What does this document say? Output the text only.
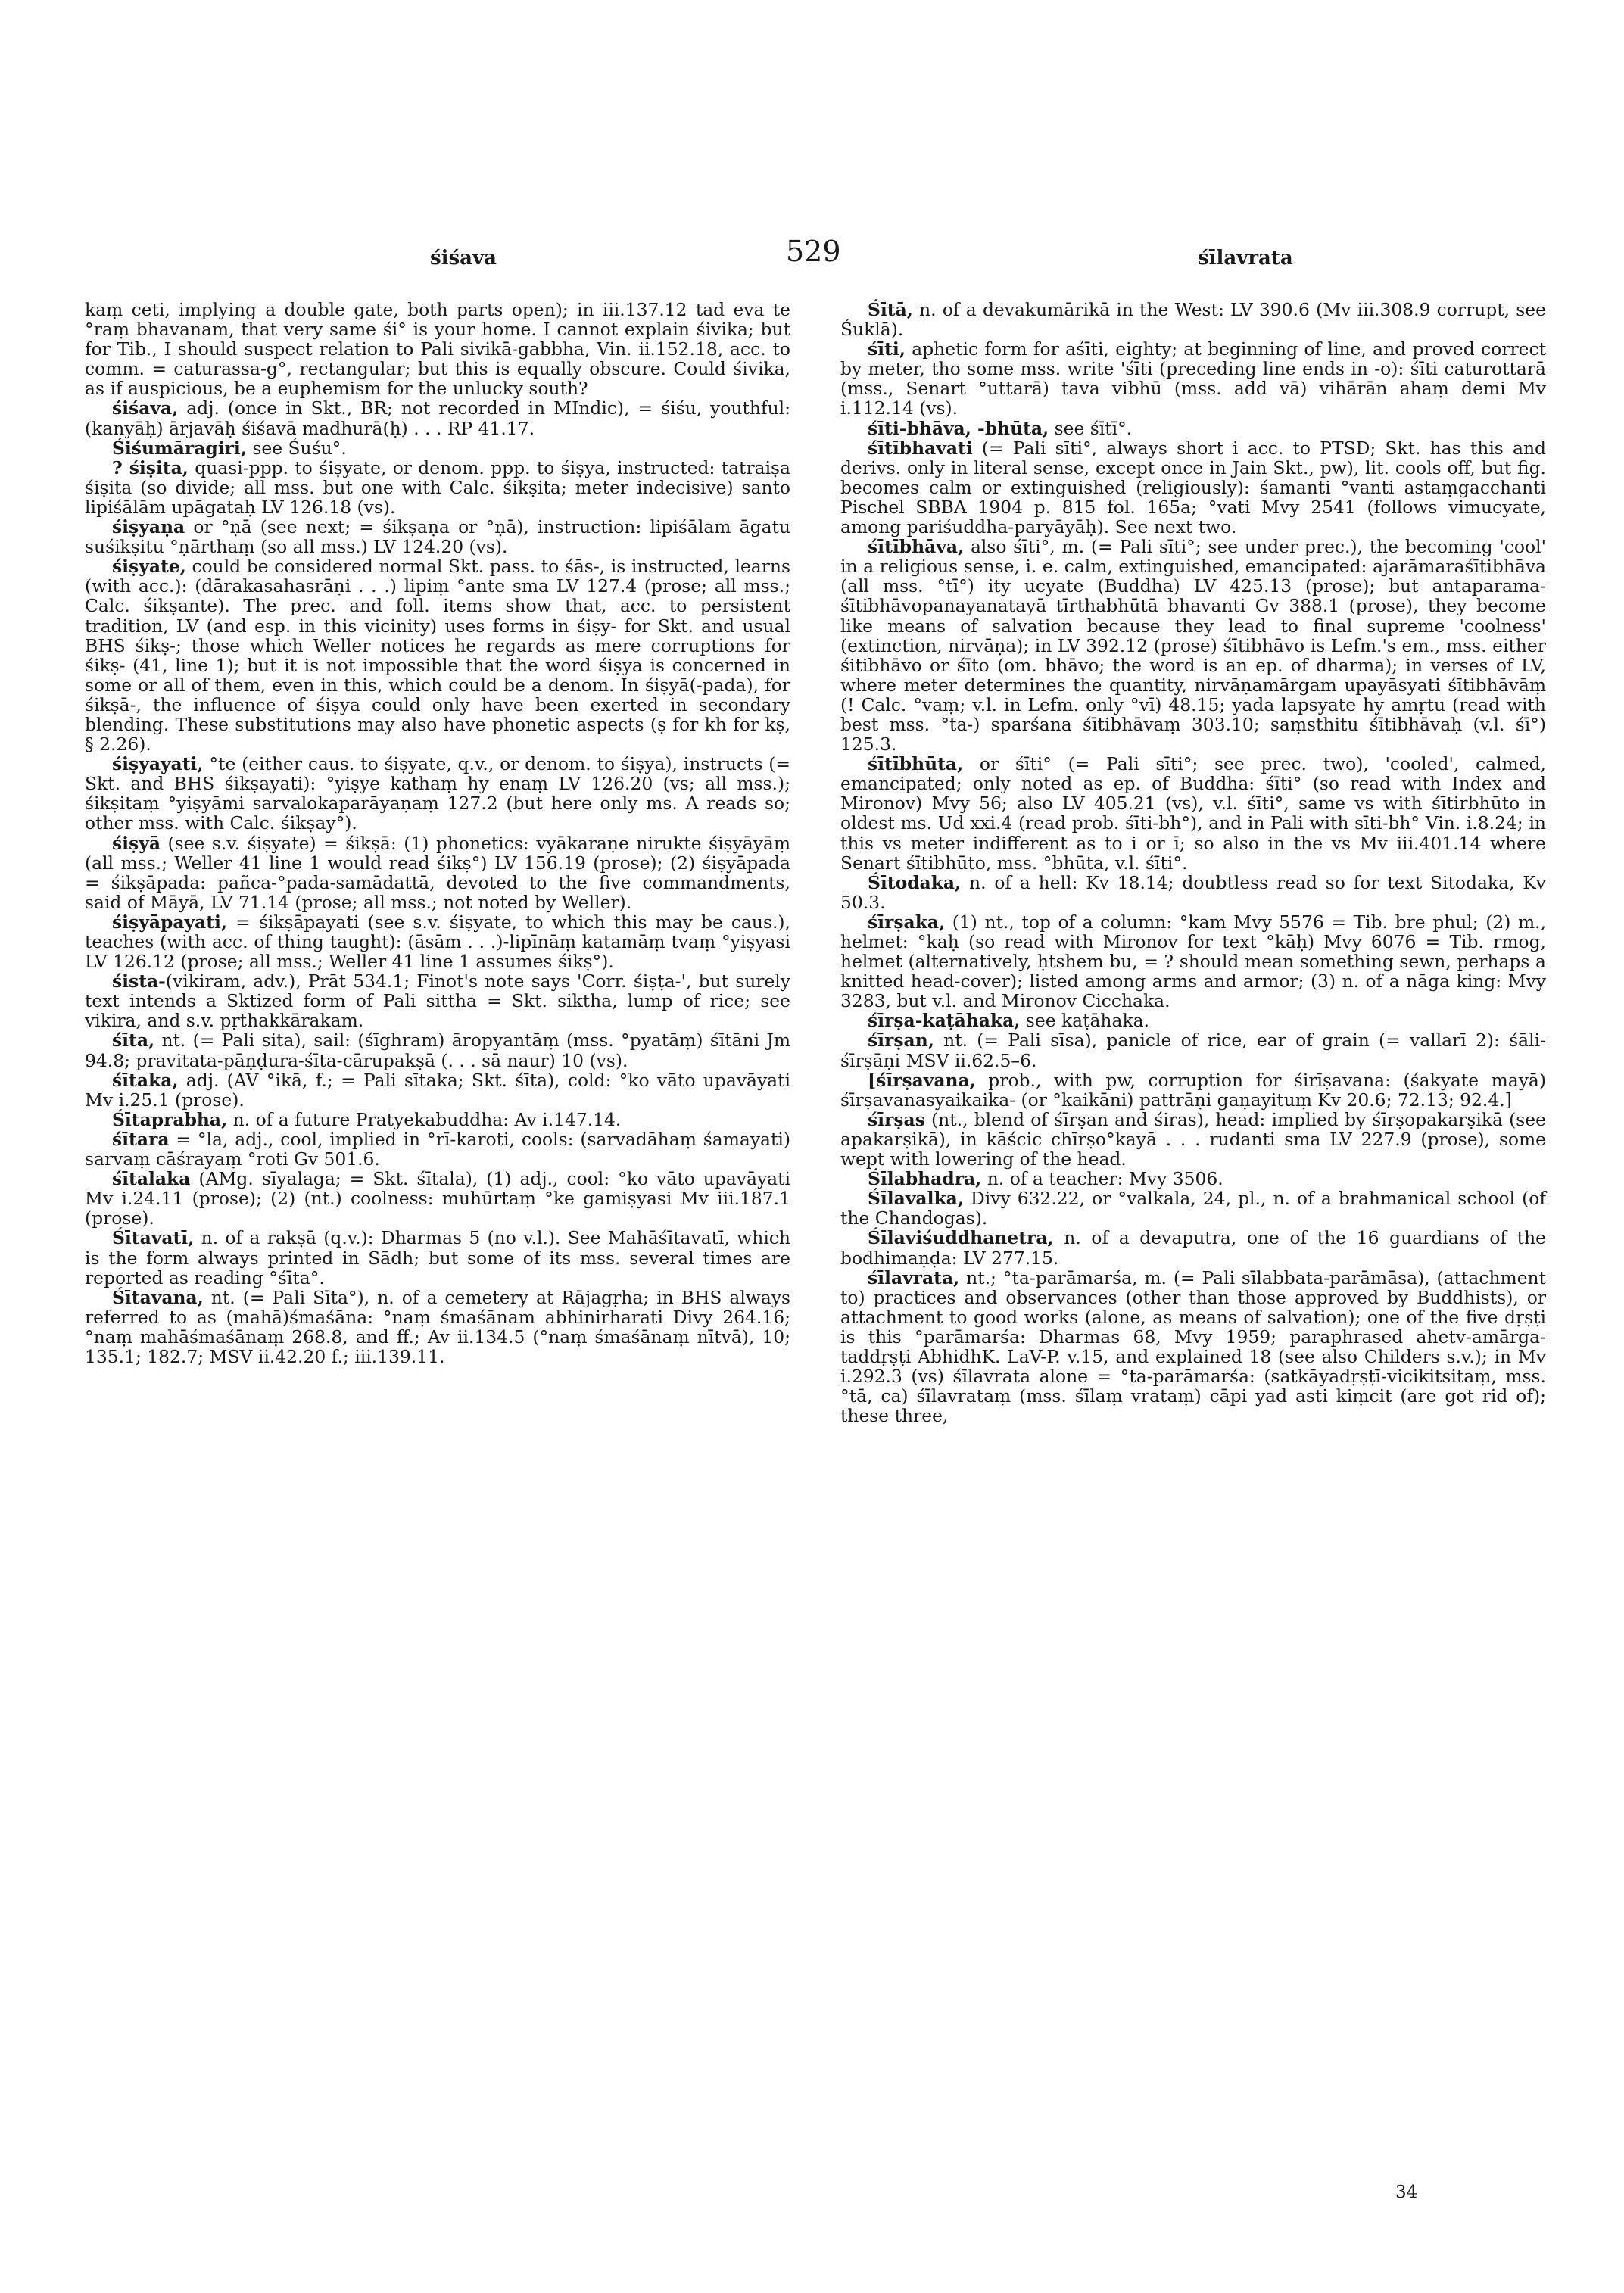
śiśava	529	śīlavrata

kaṃ ceti, implying a double gate, both parts open); in iii.137.12 tad eva te °raṃ bhavanam, that very same śi° is your home. I cannot explain śivika; but for Tib., I should suspect relation to Pali sivikā-gabbha, Vin. ii.152.18, acc. to comm. = caturassa-g°, rectangular; but this is equally obscure. Could śivika, as if auspicious, be a euphemism for the unlucky south?

śiśava, adj. (once in Skt., BR; not recorded in MIndic), = śiśu, youthful: (kanyāḥ) ārjavāḥ śiśavā madhurā(ḥ) . . . RP 41.17.

Śiśumāragiri, see Śuśu°.

? śiṣita, quasi-ppp. to śiṣyate, or denom. ppp. to śiṣya, instructed: tatraiṣa śiṣita (so divide; all mss. but one with Calc. śikṣita; meter indecisive) santo lipiśālām upāgataḥ LV 126.18 (vs).

śiṣyaṇa or °ṇā (see next; = śikṣaṇa or °ṇā), instruction: lipiśālam āgatu suśikṣitu °ṇārthaṃ (so all mss.) LV 124.20 (vs).

śiṣyate, could be considered normal Skt. pass. to śās-, is instructed, learns (with acc.): (dārakasahasrāṇi . . .) lipiṃ °ante sma LV 127.4 (prose; all mss.; Calc. śikṣante). The prec. and foll. items show that, acc. to persistent tradition, LV (and esp. in this vicinity) uses forms in śiṣy- for Skt. and usual BHS śikṣ-; those which Weller notices he regards as mere corruptions for śikṣ- (41, line 1); but it is not impossible that the word śiṣya is concerned in some or all of them, even in this, which could be a denom. In śiṣyā(-pada), for śikṣā-, the influence of śiṣya could only have been exerted in secondary blending. These substitutions may also have phonetic aspects (ṣ for kh for kṣ, § 2.26).

śiṣyayati, °te (either caus. to śiṣyate, q.v., or denom. to śiṣya), instructs (= Skt. and BHS śikṣayati): °yiṣye kathaṃ hy enaṃ LV 126.20 (vs; all mss.); śikṣitaṃ °yiṣyāmi sarvalokaparāyaṇaṃ 127.2 (but here only ms. A reads so; other mss. with Calc. śikṣay°).

śiṣyā (see s.v. śiṣyate) = śikṣā: (1) phonetics: vyākaraṇe nirukte śiṣyāyāṃ (all mss.; Weller 41 line 1 would read śikṣ°) LV 156.19 (prose); (2) śiṣyāpada = śikṣāpada: pañca-°pada-samādattā, devoted to the five commandments, said of Māyā, LV 71.14 (prose; all mss.; not noted by Weller).

śiṣyāpayati, = śikṣāpayati (see s.v. śiṣyate, to which this may be caus.), teaches (with acc. of thing taught): (āsām . . .)-lipīnāṃ katamāṃ tvaṃ °yiṣyasi LV 126.12 (prose; all mss.; Weller 41 line 1 assumes śikṣ°).

śista-(vikiram, adv.), Prāt 534.1; Finot's note says 'Corr. śiṣṭa-', but surely text intends a Sktized form of Pali sittha = Skt. siktha, lump of rice; see vikira, and s.v. pṛthakkārakam.

śīta, nt. (= Pali sita), sail: (śīghram) āropyantāṃ (mss. °pyatāṃ) śītāni Jm 94.8; pravitata-pāṇḍura-śīta-cārupakṣā (. . . sā naur) 10 (vs).

śītaka, adj. (AV °ikā, f.; = Pali sītaka; Skt. śīta), cold: °ko vāto upavāyati Mv i.25.1 (prose).

Śītaprabha, n. of a future Pratyekabuddha: Av i.147.14.

śītara = °la, adj., cool, implied in °rī-karoti, cools: (sarvadāhaṃ śamayati) sarvaṃ cāśrayaṃ °roti Gv 501.6.

śītalaka (AMg. sīyalaga; = Skt. śītala), (1) adj., cool: °ko vāto upavāyati Mv i.24.11 (prose); (2) (nt.) coolness: muhūrtaṃ °ke gamiṣyasi Mv iii.187.1 (prose).

Śītavatī, n. of a rakṣā (q.v.): Dharmas 5 (no v.l.). See Mahāśītavatī, which is the form always printed in Sādh; but some of its mss. several times are reported as reading °śīta°.

Śītavana, nt. (= Pali Sīta°), n. of a cemetery at Rājagṛha; in BHS always referred to as (mahā)śmaśāna: °naṃ śmaśānam abhinirharati Divy 264.16; °naṃ mahāśmaśānaṃ 268.8, and ff.; Av ii.134.5 (°naṃ śmaśānaṃ nītvā), 10; 135.1; 182.7; MSV ii.42.20 f.; iii.139.11.

Śītā, n. of a devakumārikā in the West: LV 390.6 (Mv iii.308.9 corrupt, see Śuklā).

śīti, aphetic form for aśīti, eighty; at beginning of line, and proved correct by meter, tho some mss. write 'śīti (preceding line ends in -o): śīti caturottarā (mss., Senart °uttarā) tava vibhū (mss. add vā) vihārān ahaṃ demi Mv i.112.14 (vs).

śīti-bhāva, -bhūta, see śītī°.

śītībhavati (= Pali sīti°, always short i acc. to PTSD; Skt. has this and derivs. only in literal sense, except once in Jain Skt., pw), lit. cools off, but fig. becomes calm or extinguished (religiously): śamanti °vanti astaṃgacchanti Pischel SBBA 1904 p. 815 fol. 165a; °vati Mvy 2541 (follows vimucyate, among pariśuddha-paryāyāḥ). See next two.

śītībhāva, also śīti°, m. (= Pali sīti°; see under prec.), the becoming 'cool' in a religious sense, i. e. calm, extinguished, emancipated: ajarāmaraśītibhāva (all mss. °tī°) ity ucyate (Buddha) LV 425.13 (prose); but antaparama-śītibhāvopanayanatayā tīrthabhūtā bhavanti Gv 388.1 (prose), they become like means of salvation because they lead to final supreme 'coolness' (extinction, nirvāṇa); in LV 392.12 (prose) śītibhāvo is Lefm.'s em., mss. either śitibhāvo or śīto (om. bhāvo; the word is an ep. of dharma); in verses of LV, where meter determines the quantity, nirvāṇamārgam upayāsyati śītibhāvāṃ (! Calc. °vaṃ; v.l. in Lefm. only °vī) 48.15; yada lapsyate hy amṛtu (read with best mss. °ta-) sparśana śītibhāvaṃ 303.10; saṃsthitu śītibhāvaḥ (v.l. śī°) 125.3.

śītībhūta, or śīti° (= Pali sīti°; see prec. two), 'cooled', calmed, emancipated; only noted as ep. of Buddha: śīti° (so read with Index and Mironov) Mvy 56; also LV 405.21 (vs), v.l. śīti°, same vs with śītirbhūto in oldest ms. Ud xxi.4 (read prob. śīti-bh°), and in Pali with sīti-bh° Vin. i.8.24; in this vs meter indifferent as to i or ī; so also in the vs Mv iii.401.14 where Senart śītibhūto, mss. °bhūta, v.l. śīti°.

Śītodaka, n. of a hell: Kv 18.14; doubtless read so for text Sitodaka, Kv 50.3.

śīrṣaka, (1) nt., top of a column: °kam Mvy 5576 = Tib. bre phul; (2) m., helmet: °kaḥ (so read with Mironov for text °kāḥ) Mvy 6076 = Tib. rmog, helmet (alternatively, ḥtshem bu, = ? should mean something sewn, perhaps a knitted head-cover); listed among arms and armor; (3) n. of a nāga king: Mvy 3283, but v.l. and Mironov Cicchaka.

śīrṣa-kaṭāhaka, see kaṭāhaka.

śīrṣan, nt. (= Pali sīsa), panicle of rice, ear of grain (= vallarī 2): śāli-śīrṣāṇi MSV ii.62.5–6.

[śīrṣavana, prob., with pw, corruption for śirīṣavana: (śakyate mayā) śīrṣavanasyaikaika- (or °kaikāni) pattrāṇi gaṇayituṃ Kv 20.6; 72.13; 92.4.]

śīrṣas (nt., blend of śīrṣan and śiras), head: implied by śīrṣopakarṣikā (see apakarṣikā), in kāścic chīrṣo°kayā . . . rudanti sma LV 227.9 (prose), some wept with lowering of the head.

Śīlabhadra, n. of a teacher: Mvy 3506.

Śīlavalka, Divy 632.22, or °valkala, 24, pl., n. of a brahmanical school (of the Chandogas).

Śīlaviśuddhanetra, n. of a devaputra, one of the 16 guardians of the bodhimaṇḍa: LV 277.15.

śīlavrata, nt.; °ta-parāmarśa, m. (= Pali sīlabbata-parāmāsa), (attachment to) practices and observances (other than those approved by Buddhists), or attachment to good works (alone, as means of salvation); one of the five dṛṣṭi is this °parāmarśa: Dharmas 68, Mvy 1959; paraphrased ahetv-amārga-taddṛṣṭi AbhidhK. LaV-P. v.15, and explained 18 (see also Childers s.v.); in Mv i.292.3 (vs) śīlavrata alone = °ta-parāmarśa: (satkāyadṛṣṭī-vicikitsitaṃ, mss. °tā, ca) śīlavrataṃ (mss. śīlaṃ vrataṃ) cāpi yad asti kiṃcit (are got rid of); these three,

34
